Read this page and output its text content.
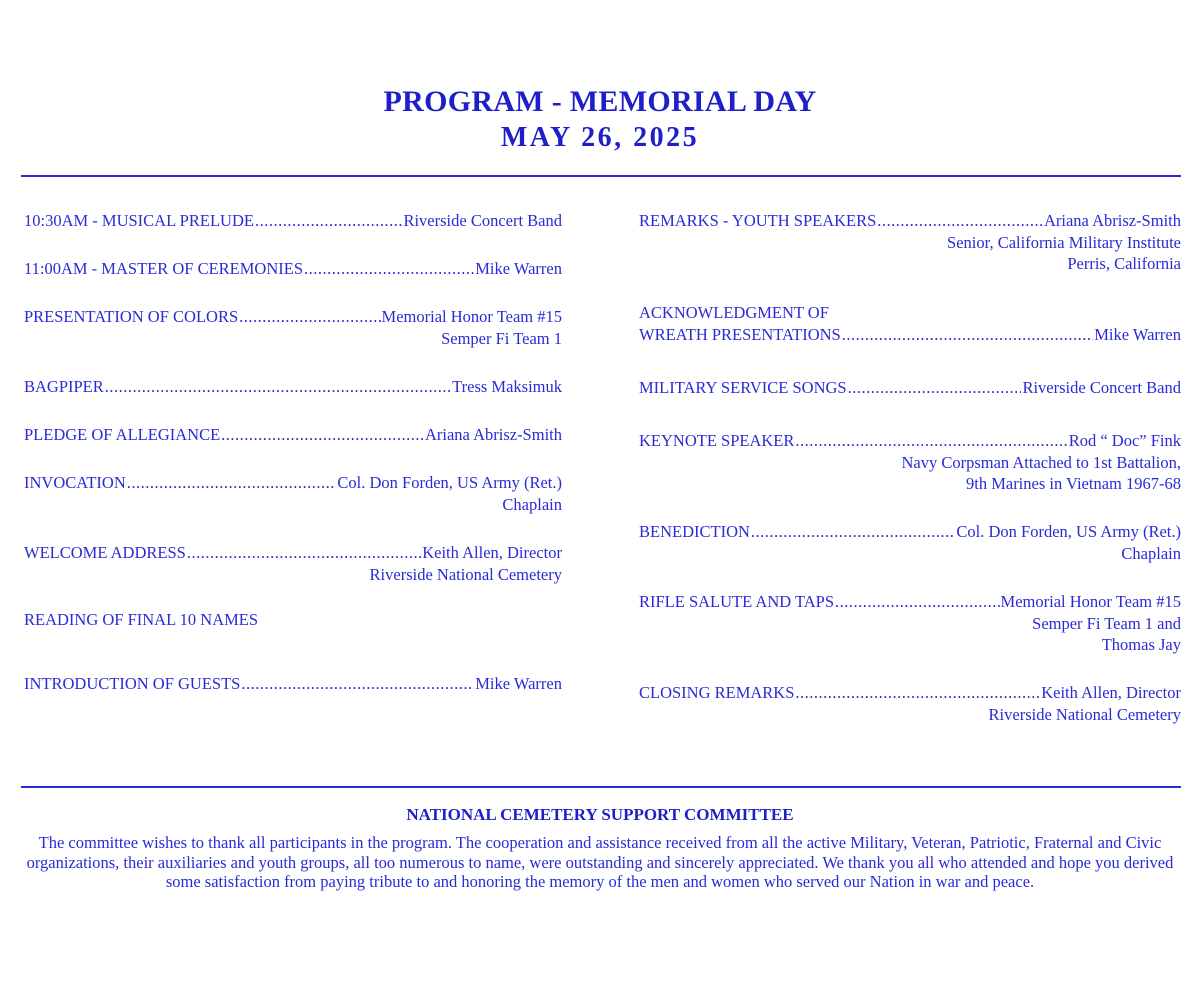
PROGRAM - MEMORIAL DAY
MAY 26, 2025
10:30AM - MUSICAL PRELUDE .....	Riverside Concert Band
11:00AM - MASTER OF CEREMONIES .....	Mike Warren
PRESENTATION OF COLORS .....	Memorial Honor Team #15
Semper Fi Team 1
BAGPIPER .....	Tress Maksimuk
PLEDGE OF ALLEGIANCE .....	Ariana Abrisz-Smith
INVOCATION .....	Col. Don Forden, US Army (Ret.)
Chaplain
WELCOME ADDRESS .....	Keith Allen, Director
Riverside National Cemetery
READING OF FINAL 10 NAMES
INTRODUCTION OF GUESTS .....	Mike Warren
REMARKS - YOUTH SPEAKERS .....	Ariana Abrisz-Smith
Senior, California Military Institute
Perris, California
ACKNOWLEDGMENT OF
WREATH PRESENTATIONS .....	Mike Warren
MILITARY SERVICE SONGS .....	Riverside Concert Band
KEYNOTE SPEAKER .....	Rod “ Doc” Fink
Navy Corpsman Attached to 1st Battalion,
9th Marines in Vietnam 1967-68
BENEDICTION .....	Col. Don Forden, US Army (Ret.)
Chaplain
RIFLE SALUTE AND TAPS .....	Memorial Honor Team #15
Semper Fi Team 1 and
Thomas Jay
CLOSING REMARKS .....	Keith Allen, Director
Riverside National Cemetery
NATIONAL CEMETERY SUPPORT COMMITTEE
The committee wishes to thank all participants in the program. The cooperation and assistance received from all the active Military, Veteran, Patriotic, Fraternal and Civic organizations, their auxiliaries and youth groups, all too numerous to name, were outstanding and sincerely appreciated. We thank you all who attended and hope you derived some satisfaction from paying tribute to and honoring the memory of the men and women who served our Nation in war and peace.
